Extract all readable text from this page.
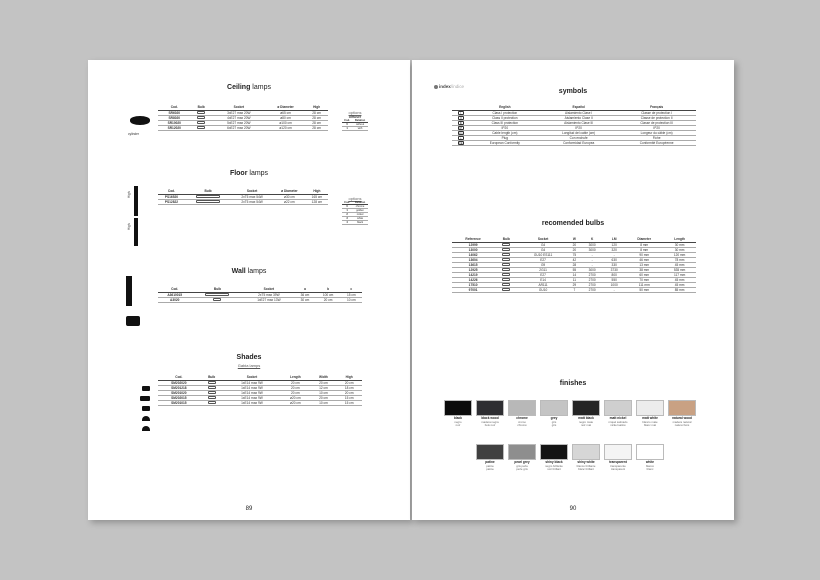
Ceiling lamps
cylinder
Cod.	Bulb	Socket	ø Diameter	High
SR6020		3xE27 max 20W	ø65 cm	28 cm
SR8020		4xE27 max 20W	ø80 cm	28 cm
SR10020		5xE27 max 20W	ø100 cm	28 cm
SR12020		6xE27 max 20W	ø120 cm	28 cm
options
diffuser
Cod.	Relation
0	without
1	with
Floor lamps
High
High
Cod.	Bulb	Socket	ø Diameter	High
PS16520		2xT5 max 54W	ø30 cm	165 cm
PS12822		2xT5 max 54W	ø22 cm	128 cm
options
Cod.	Relation
0	chrome
1	golden
2	nickel
3	white
4	black
Wall lamps
Cod.	Bulb	Socket	a	b	c
A3610015		2xT5 max 39W	36 cm	100 cm	15 cm
A3020		1xE27 max 13W	30 cm	20 cm	10 cm
Shades
Gabia lamps
Cod.	Bulb	Socket	Length	Width	High
SM202020		1xE14 max 9W	20 cm	20 cm	20 cm
SM201218		1xE14 max 9W	20 cm	12 cm	18 cm
SM201020		1xE14 max 9W	20 cm	10 cm	20 cm
SM202015		1xE14 max 9W	ø20 cm	20 cm	15 cm
SM201015		1xE14 max 9W	ø20 cm	10 cm	15 cm
89
index/índice
symbols
	English	Español	Français
I	Class I protection	Aislamiento Clase I	Classe de protection I
II	Class II protection	Aislamiento Clase II	Classe de protection II
III	Class III protection	Aislamiento Clase III	Classe de protection III
IP	IP20	IP20	IP20
cm	Cable length (cm)	Longitud del cable (cm)	Longeur du câble (cm)
⏚	Plug	Con enchufe	Fiche
CE	European Conformity	Conformidad Europea	Conformité Européenne
recomended bulbs
Reference	Bulb	Socket	W	K	LM	Diameter	Length
12999		G4	20	3000	120	8 mm	30 mm
13000		G4	20	3000	320	8 mm	30 mm
14062		GU10 ES111	75	-	-	90 mm	120 mm
13604		E27	42	-	630	46 mm	78 mm
13615		G9	28	-	330	13 mm	45 mm
12925		2G11	55	3000	3730	38 mm	535 mm
14219		E27	14	2700	800	60 mm	117 mm
14226		E14	11	2700	550	70 mm	45 mm
17510		AR111	29	2700	1000	111 mm	45 mm
97001		GU10	7	2700	-	50 mm	85 mm
finishes
black
negro
noir
black wood
madera negra
bois noir
chrome
cromo
chromé
grey
gris
gris
matt black
negro mate
noir mat
matt nickel
níquel satinado
nickel satiné
matt white
blanco mate
blanc mat
natural wood
madera natural
naturel bois
patine
patine
patine
pearl grey
gris perla
perle gris
shiny black
negro brillante
noir brillant
shiny white
blanco brillante
blanc brillant
transparent
transparente
transparent
white
blanco
blanc
90
